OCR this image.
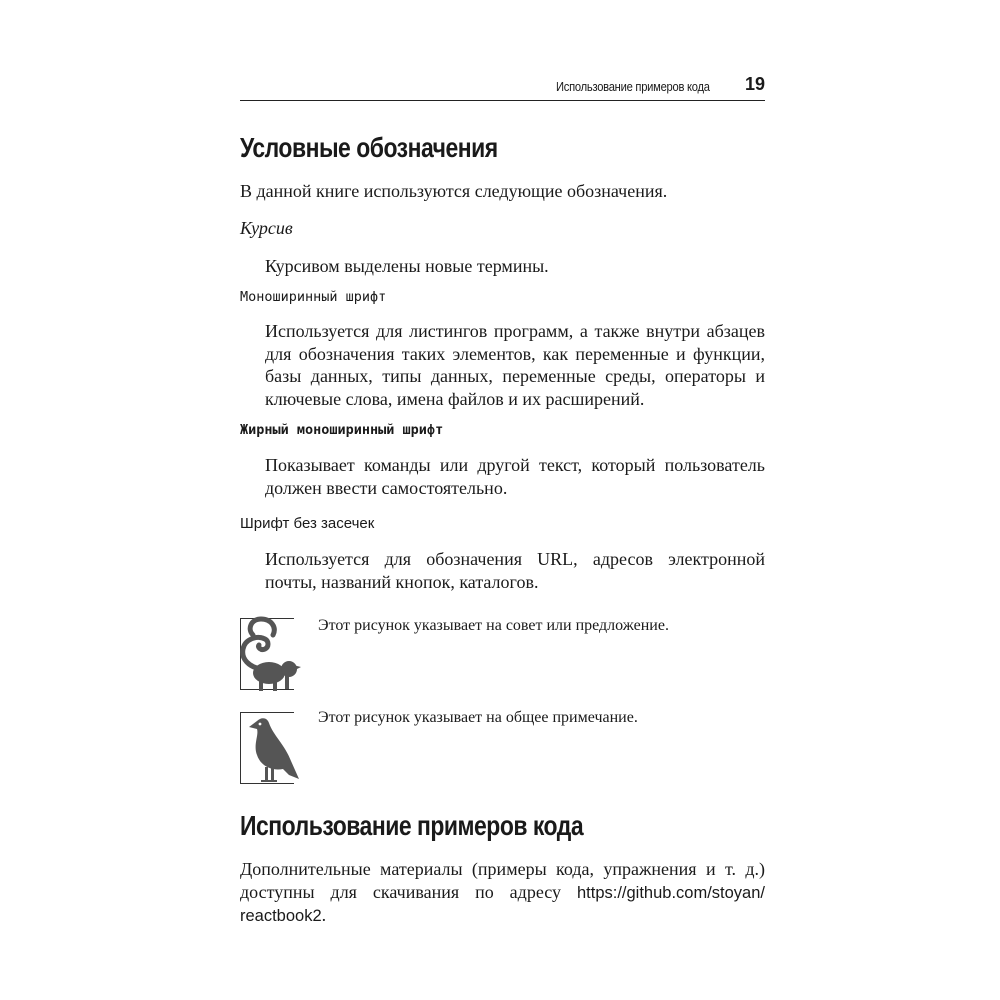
Использование примеров кода 19
Условные обозначения
В данной книге используются следующие обозначения.
Курсив
Курсивом выделены новые термины.
Моноширинный шрифт
Используется для листингов программ, а также внутри абзацев для обозначения таких элементов, как переменные и функции, базы данных, типы данных, переменные среды, операторы и ключевые слова, имена файлов и их расширений.
Жирный моноширинный шрифт
Показывает команды или другой текст, который пользователь должен ввести самостоятельно.
Шрифт без засечек
Используется для обозначения URL, адресов электронной почты, названий кнопок, каталогов.
Этот рисунок указывает на совет или предложение.
Этот рисунок указывает на общее примечание.
Использование примеров кода
Дополнительные материалы (примеры кода, упражнения и т. д.) доступны для скачивания по адресу https://github.com/stoyan/
reactbook2.
